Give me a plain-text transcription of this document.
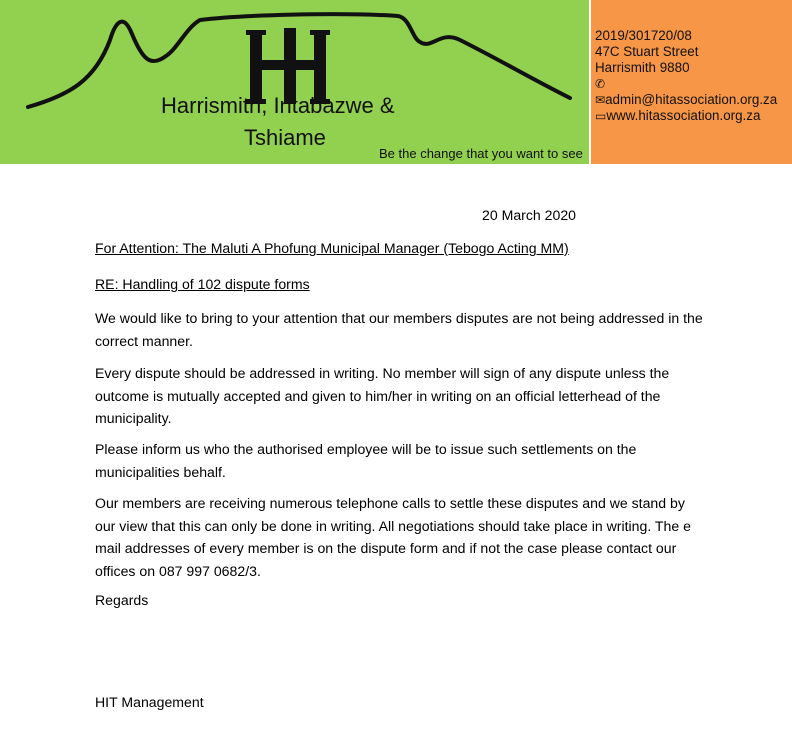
Harrismith, Intabazwe &
Tshiame
Be the change that you want to see
2019/301720/08
47C Stuart Street
Harrismith 9880
✆
✉admin@hitassociation.org.za
▭www.hitassociation.org.za
20 March 2020
For Attention: The Maluti A Phofung Municipal Manager (Tebogo Acting MM)
RE: Handling of 102 dispute forms

We would like to bring to your attention that our members disputes are not being addressed in the correct manner.

Every dispute should be addressed in writing. No member will sign of any dispute unless the outcome is mutually accepted and given to him/her in writing on an official letterhead of the municipality.

Please inform us who the authorised employee will be to issue such settlements on the municipalities behalf.

Our members are receiving numerous telephone calls to settle these disputes and we stand by our view that this can only be done in writing. All negotiations should take place in writing. The e mail addresses of every member is on the dispute form and if not the case please contact our offices on 087 997 0682/3.

Regards
HIT Management
